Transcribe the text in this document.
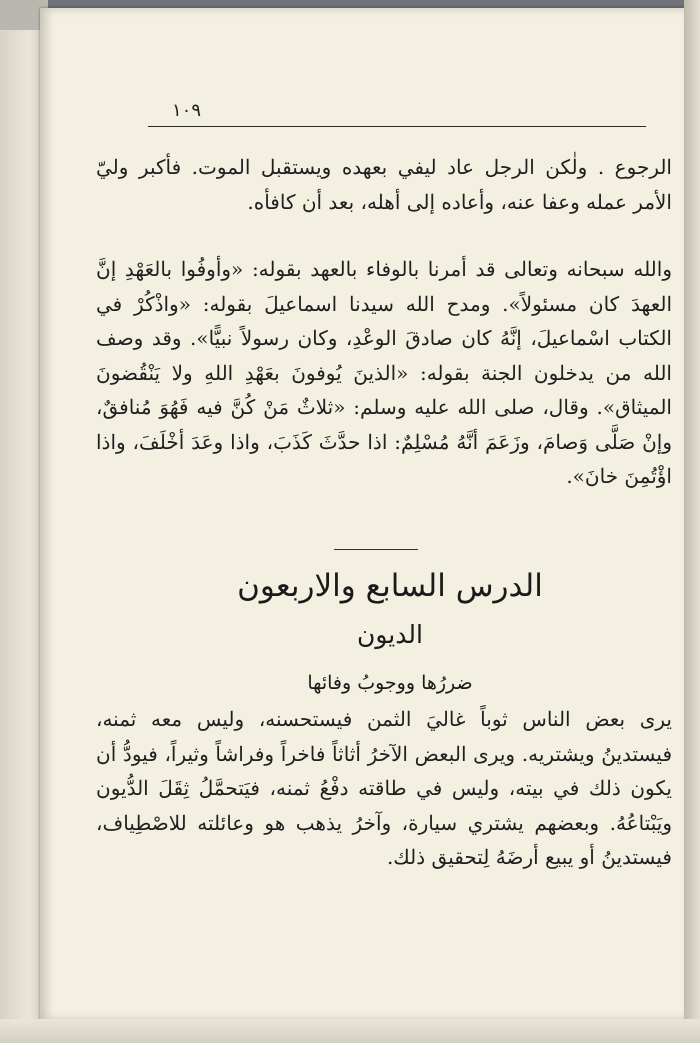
١٠٩
الرجوع . ولٰكن الرجل عاد ليفي بعهده ويستقبل الموت. فأكبر وليّ الأمر عمله وعفا عنه، وأعاده إلى أهله، بعد أن كافأه.
والله سبحانه وتعالى قد أمرنا بالوفاء بالعهد بقوله: «وأوفُوا بالعَهْدِ إنَّ العهدَ كان مسئولاً». ومدح الله سيدنا اسماعيلَ بقوله: «واذْكُرْ في الكتاب اسْماعيلَ، إنَّهُ كان صادقَ الوعْدِ، وكان رسولاً نبيًّا». وقد وصف الله من يدخلون الجنة بقوله: «الذينَ يُوفونَ بعَهْدِ اللهِ ولا يَنْقُضونَ الميثاق». وقال، صلى الله عليه وسلم: «ثلاثٌ مَنْ كُنَّ فيه فَهُوَ مُنافقٌ، وإنْ صَلَّى وَصامَ، وزَعَمَ أنَّهُ مُسْلِمٌ: اذا حدَّثَ كَذَبَ، واذا وعَدَ أخْلَفَ، واذا اؤْتُمِنَ خانَ».
الدرس السابع والاربعون
الديون
ضررُها ووجوبُ وفائها
يرى بعض الناس ثوباً غاليَ الثمن فيستحسنه، وليس معه ثمنه، فيستدينُ ويشتريه. ويرى البعض الآخرُ أثاثاً فاخراً وفراشاً وثيراً، فيودُّ أن يكون ذلك في بيته، وليس في طاقته دفْعُ ثمنه، فيَتحمَّلُ ثِقَلَ الدُّيون ويَبْتاعُهُ. وبعضهم يشتري سيارة، وآخرُ يذهب هو وعائلته للاصْطِياف، فيستدينُ أو يبيع أرضَهُ لِتحقيق ذلك.
